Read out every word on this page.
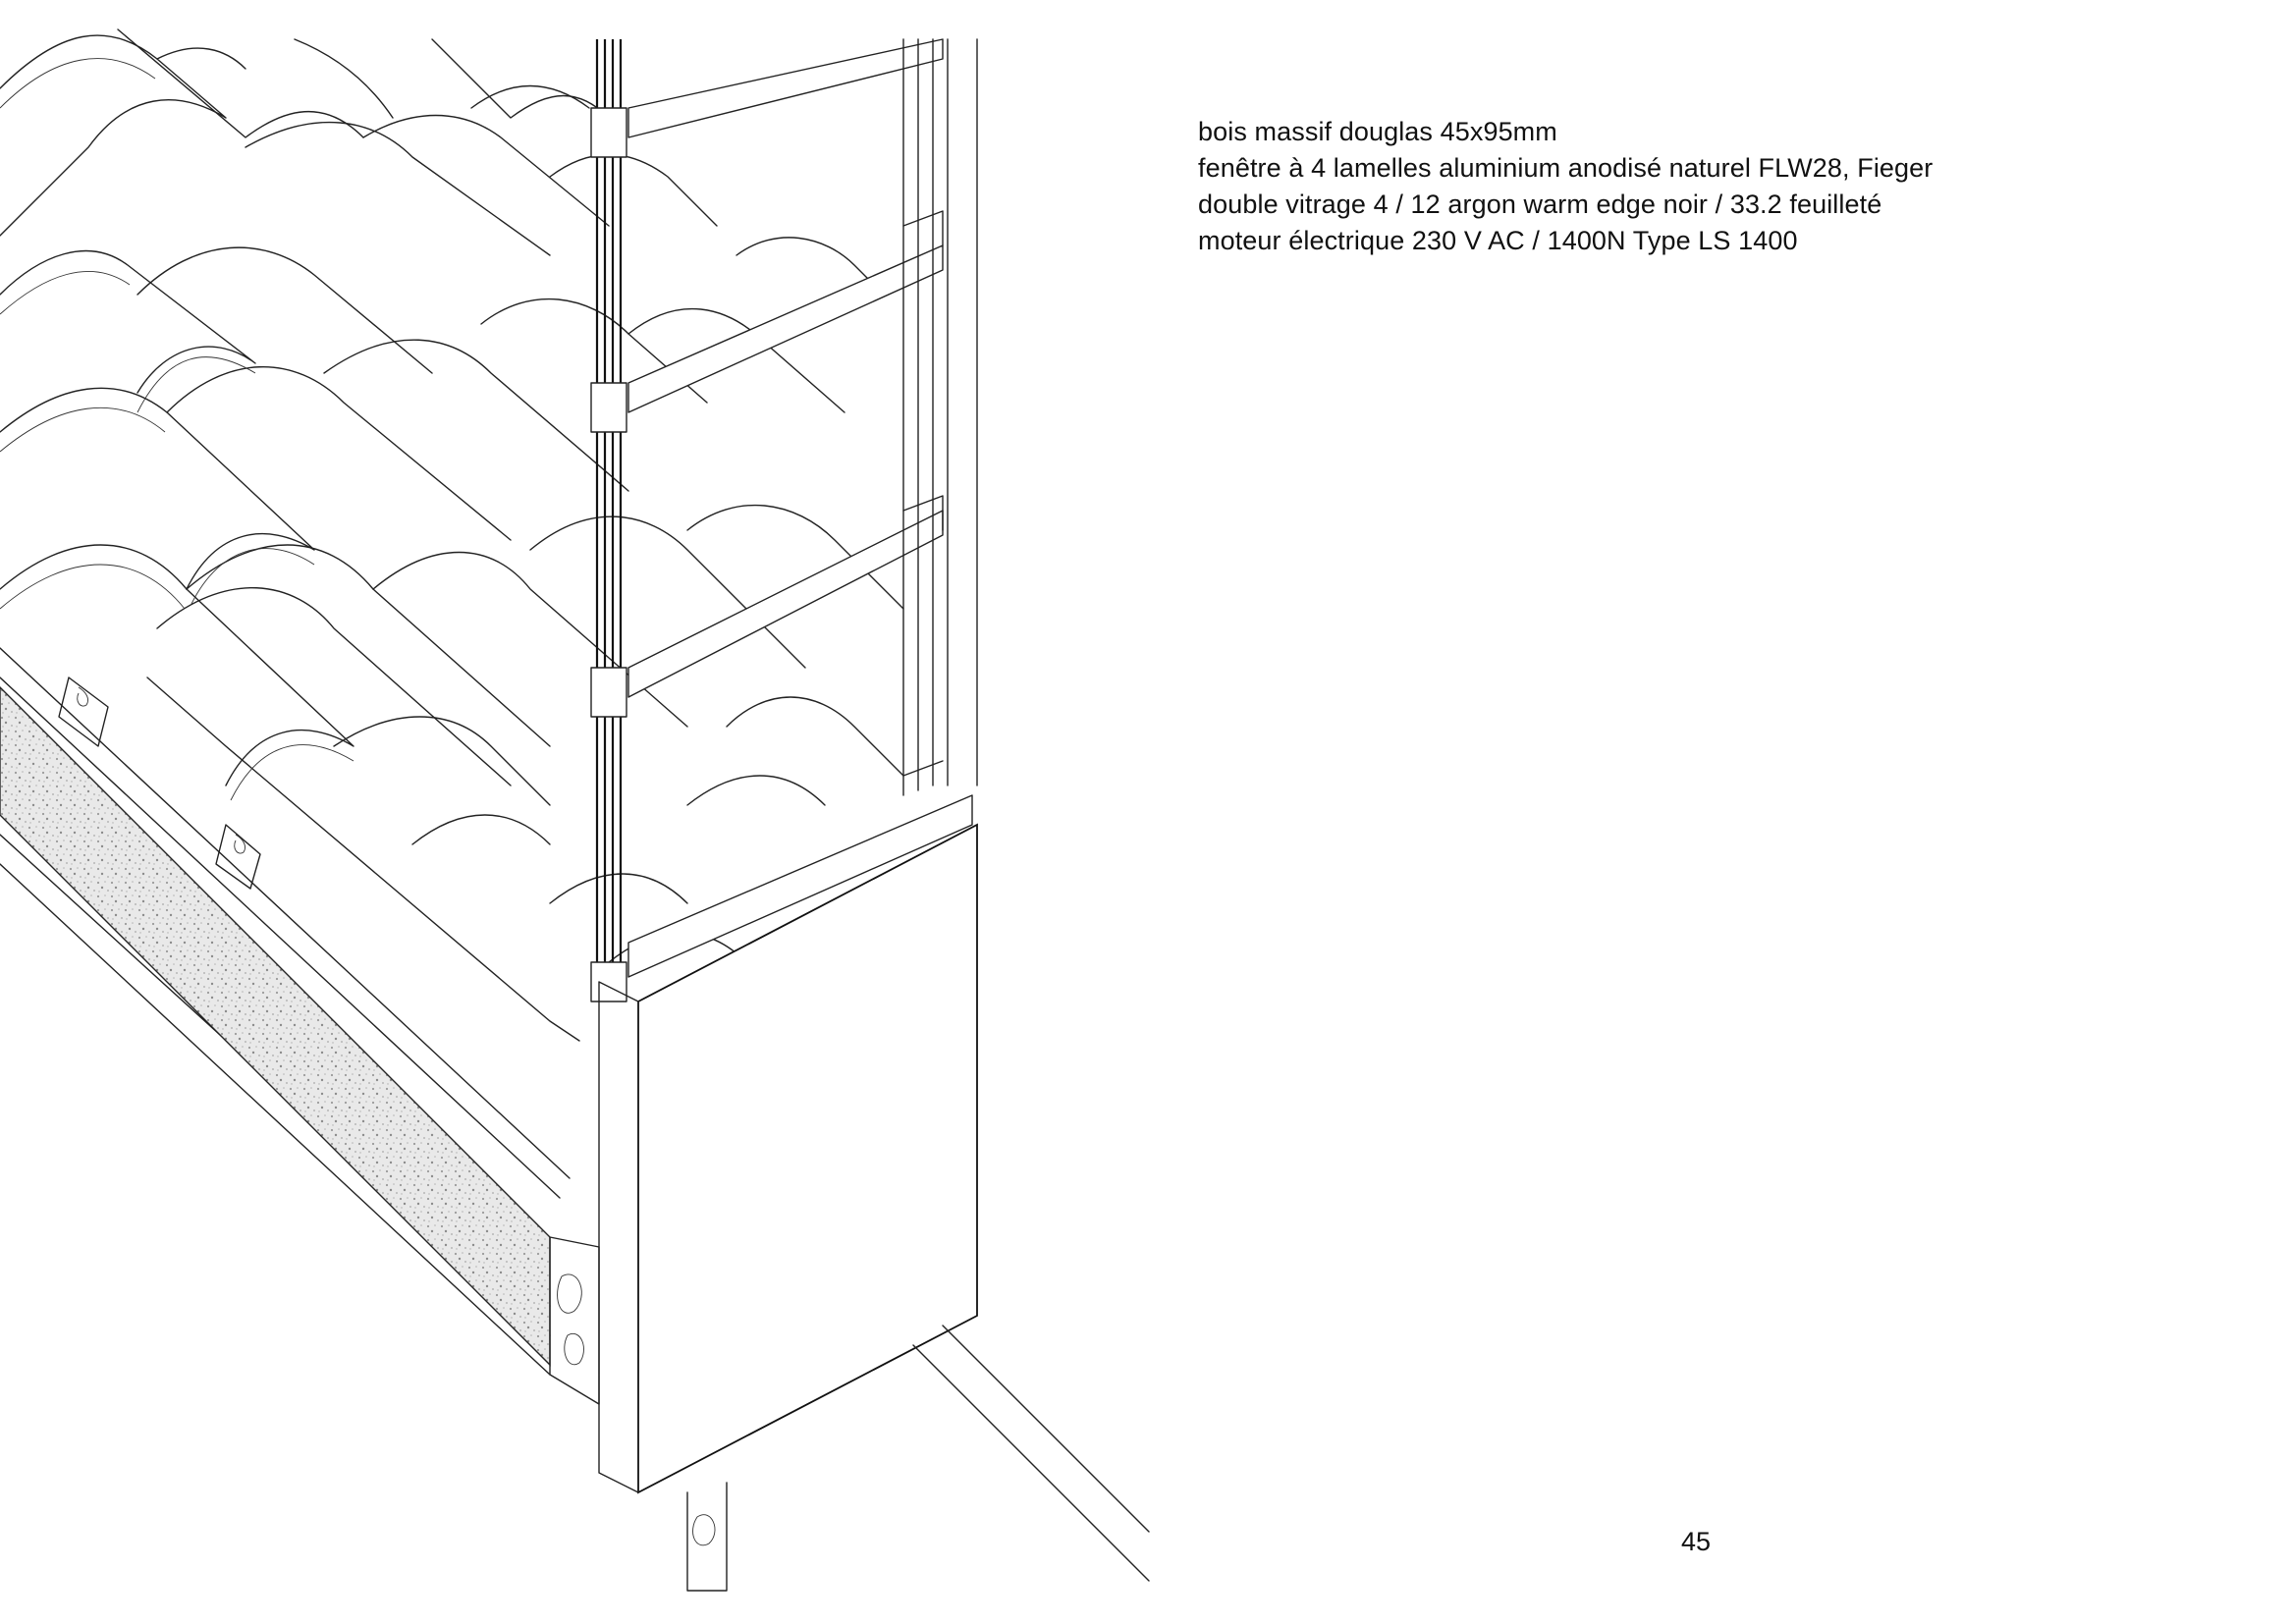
bois massif douglas 45x95mm
fenêtre à 4 lamelles aluminium anodisé naturel FLW28, Fieger
double vitrage 4 / 12 argon warm edge noir / 33.2 feuilleté
moteur électrique 230 V AC / 1400N Type LS 1400
45
